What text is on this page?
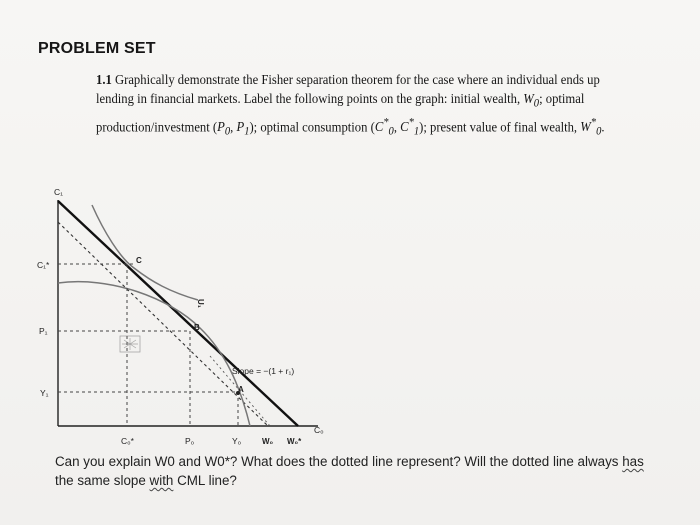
PROBLEM SET
1.1 Graphically demonstrate the Fisher separation theorem for the case where an individual ends up lending in financial markets. Label the following points on the graph: initial wealth, $W_0$; optimal production/investment ($P_0$, $P_1$); optimal consumption ($C^*_0$, $C^*_1$); present value of final wealth, $W^*_0$.
C₁
C₀
C₁*
P₁
Y₁
C₀*	P₀	Y₀	W₀ W₀*
C
B
A
U₁
Slope = −(1 + r₁)
Can you explain W0 and W0*? What does the dotted line represent? Will the dotted line always has the same slope with CML line?
